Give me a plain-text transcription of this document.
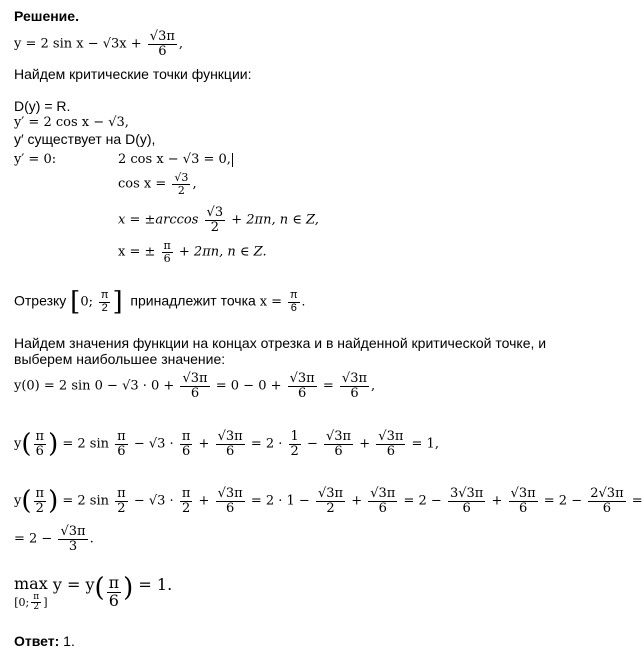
Решение.
y = 2 $\sin x - √3x + \frac{√3\pi}{6}$ ,
Найдем критические точки функции:
D(y) = R.
y′ = 2 cos x − √3,
y′ существует на D(y),
y′ = 0:	2 cos x − √3 = 0,
$\cos x = \frac{√3}{2}$ ,
$x = \pm\arccos \frac{√3}{2} + 2\pi n$, n ∈ Z,
x = ± $\frac{\pi}{6} + 2\pi n$, n ∈ Z.
Отрезку [0; $\frac{\pi}{2}$ ] принадлежит точка $x = \frac{\pi}{6}$ .
Найдем значения функции на концах отрезка и в найденной критической точке, и
выберем наибольшее значение:
y(0) = 2 $\sin 0 - √3 \cdot 0 + \frac{√3\pi}{6} = 0 - 0 + \frac{√3\pi}{6} = \frac{√3\pi}{6}$ ,
$y( \frac{\pi}{6}$ ) = 2 $\sin \frac{\pi}{6} - √3 \cdot \frac{\pi}{6} + \frac{√3\pi}{6} = 2 \cdot \frac{1}{2} - \frac{√3\pi}{6} + \frac{√3\pi}{6} = 1$,
$y( \frac{\pi}{2}$ ) = 2 $\sin \frac{\pi}{2} - √3 \cdot \frac{\pi}{2} + \frac{√3\pi}{6} = 2 \cdot 1 - \frac{√3\pi}{2} + \frac{√3\pi}{6} = 2 - \frac{3√3\pi}{6} + \frac{√3\pi}{6} = 2 - \frac{2√3\pi}{6}$ =
= $2 - \frac{√3\pi}{3}$ .
max
[0; $\frac{\pi}{2}$ ]
$y = y( \frac{\pi}{6}$ ) = 1.
Ответ: 1.
